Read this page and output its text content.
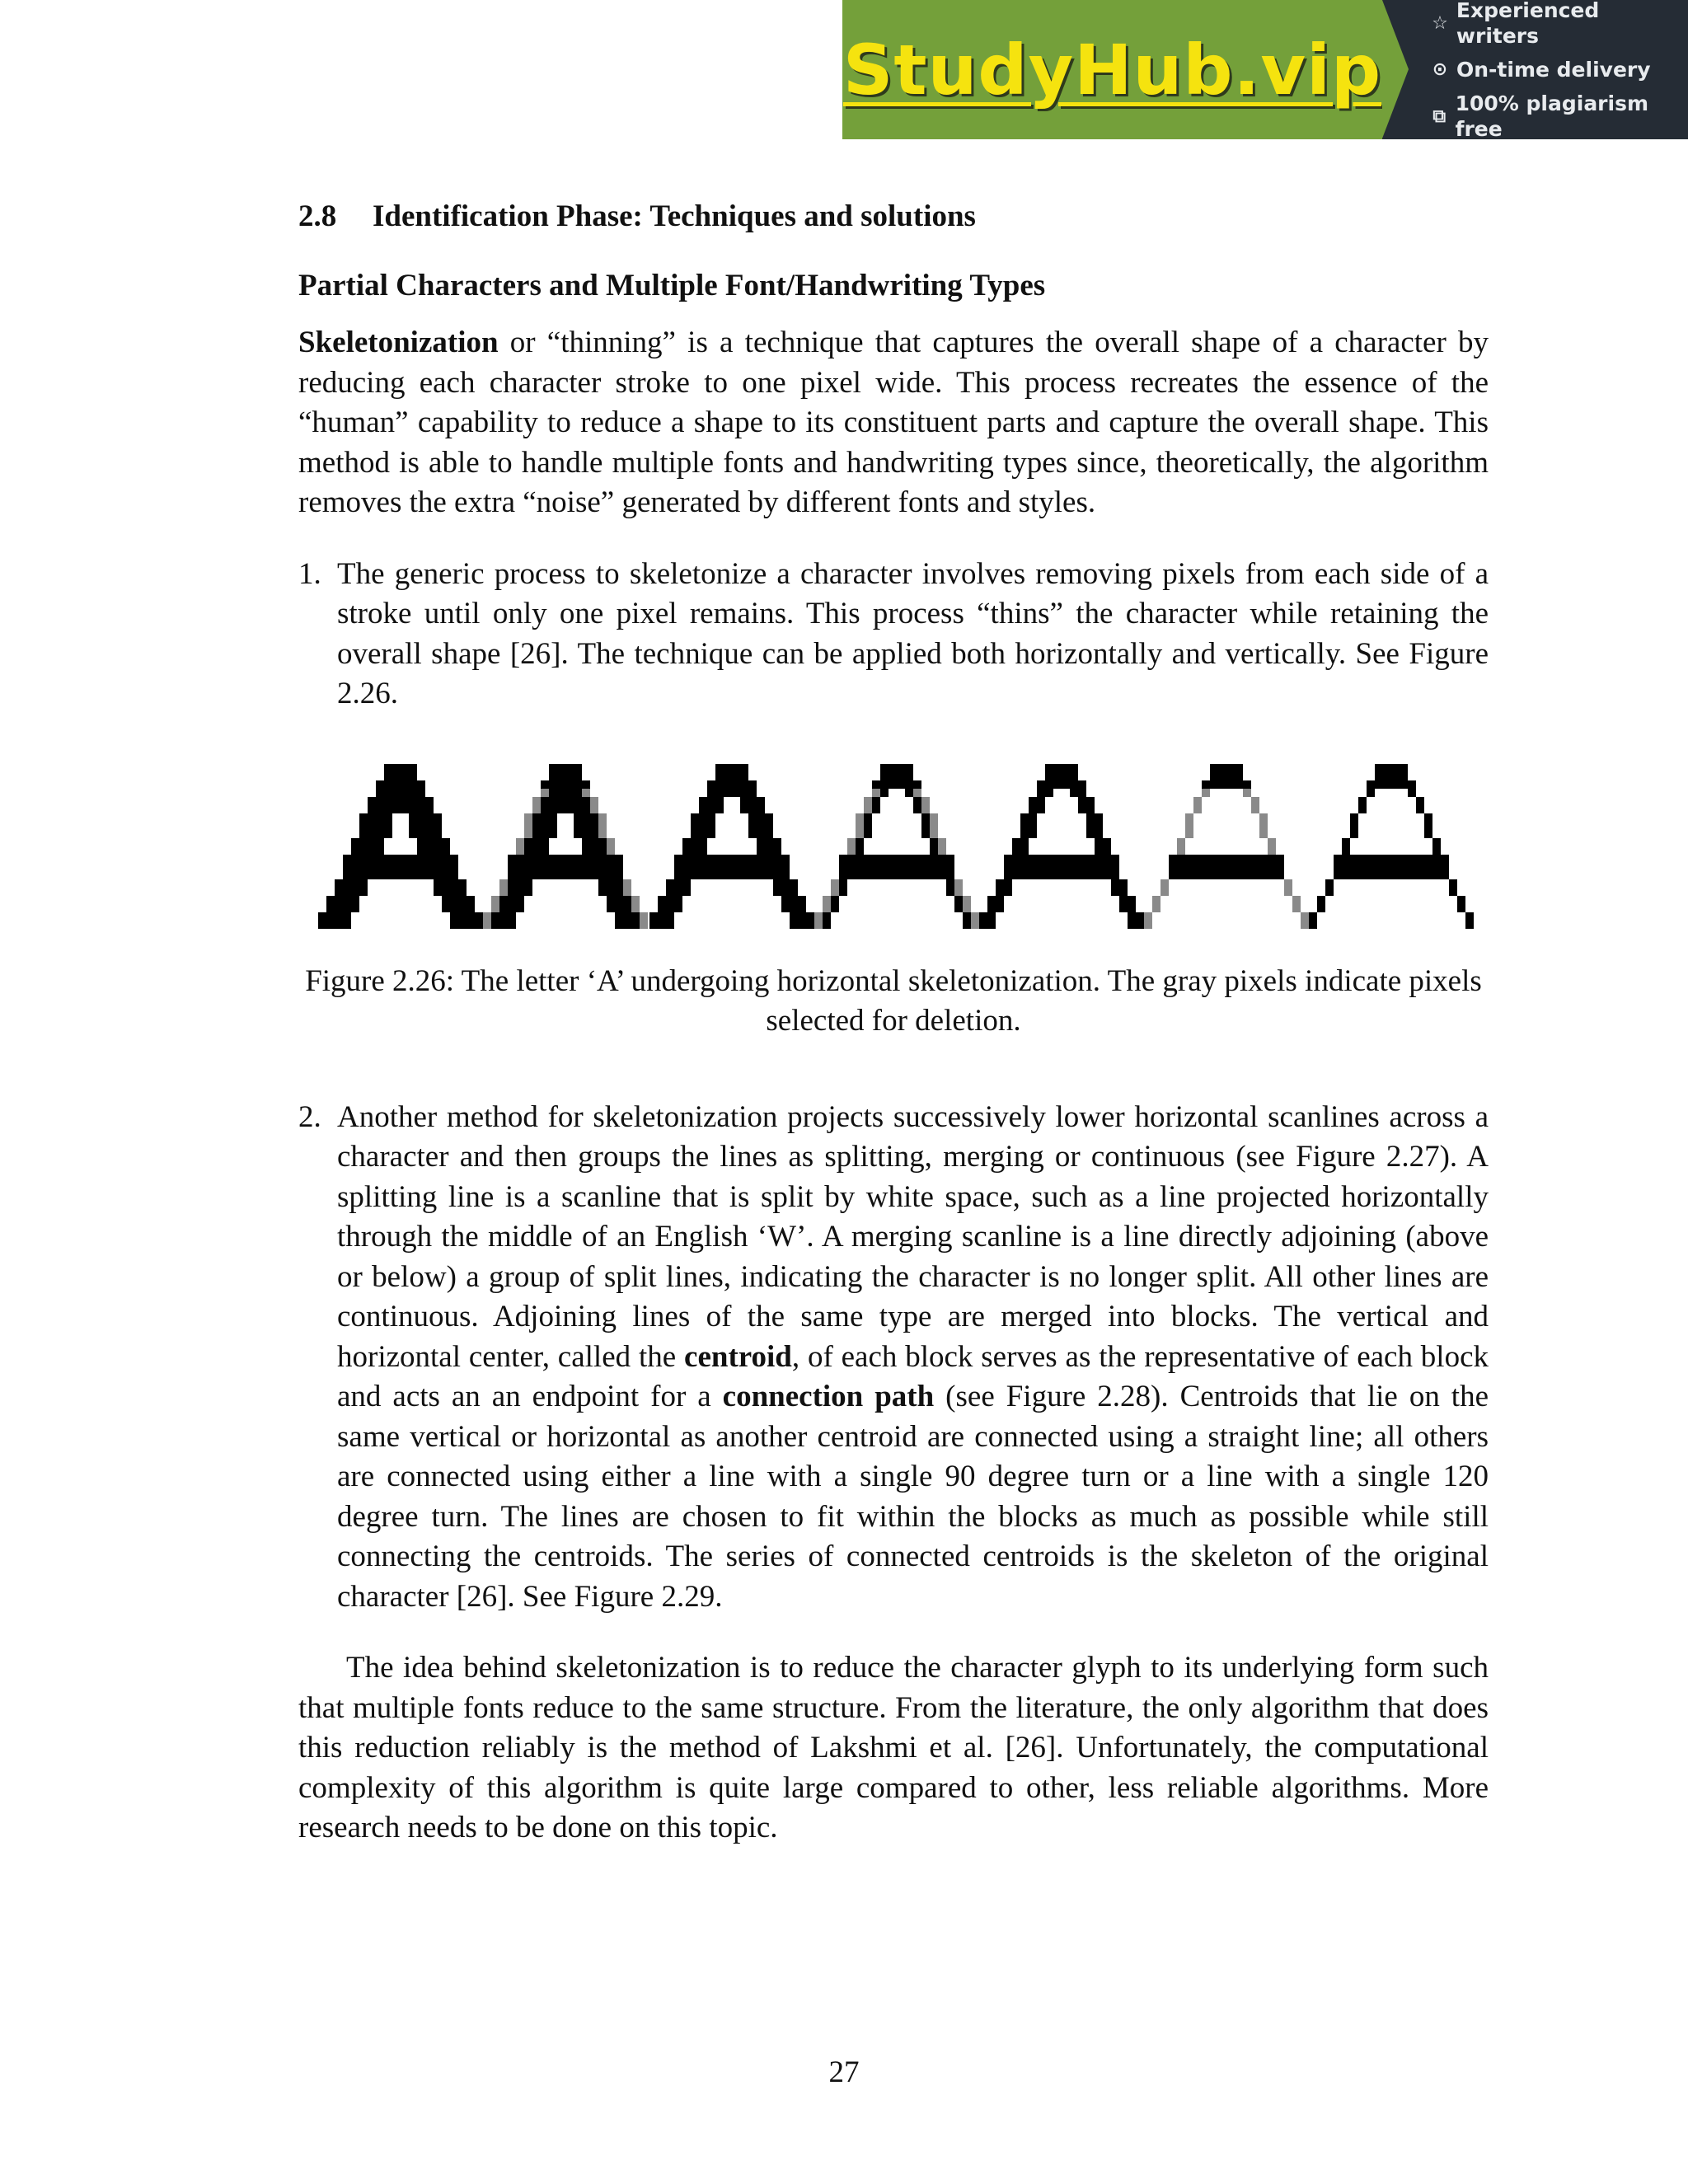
StudyHub.vip
☆
Experienced writers
⊙ On-time delivery
⧉
100% plagiarism free
2.8 Identification Phase: Techniques and solutions
Partial Characters and Multiple Font/Handwriting Types

Skeletonization or “thinning” is a technique that captures the overall shape of a character by reducing each character stroke to one pixel wide. This process recreates the essence of the “human” capability to reduce a shape to its constituent parts and capture the overall shape. This method is able to handle multiple fonts and handwriting types since, theoretically, the algorithm removes the extra “noise” generated by different fonts and styles.

1. The generic process to skeletonize a character involves removing pixels from each side of a stroke until only one pixel remains. This process “thins” the character while retaining the overall shape [26]. The technique can be applied both horizontally and vertically. See Figure 2.26.
Figure 2.26: The letter ‘A’ undergoing horizontal skeletonization. The gray pixels indicate pixels selected for deletion.
2. Another method for skeletonization projects successively lower horizontal scanlines across a character and then groups the lines as splitting, merging or continuous (see Figure 2.27). A splitting line is a scanline that is split by white space, such as a line projected horizontally through the middle of an English ‘W’. A merging scanline is a line directly adjoining (above or below) a group of split lines, indicating the character is no longer split. All other lines are continuous. Adjoining lines of the same type are merged into blocks. The vertical and horizontal center, called the centroid, of each block serves as the representative of each block and acts an an endpoint for a connection path (see Figure 2.28). Centroids that lie on the same vertical or horizontal as another centroid are connected using a straight line; all others are connected using either a line with a single 90 degree turn or a line with a single 120 degree turn. The lines are chosen to fit within the blocks as much as possible while still connecting the centroids. The series of connected centroids is the skeleton of the original character [26]. See Figure 2.29.

The idea behind skeletonization is to reduce the character glyph to its underlying form such that multiple fonts reduce to the same structure. From the literature, the only algorithm that does this reduction reliably is the method of Lakshmi et al. [26]. Unfortunately, the computational complexity of this algorithm is quite large compared to other, less reliable algorithms. More research needs to be done on this topic.

27
